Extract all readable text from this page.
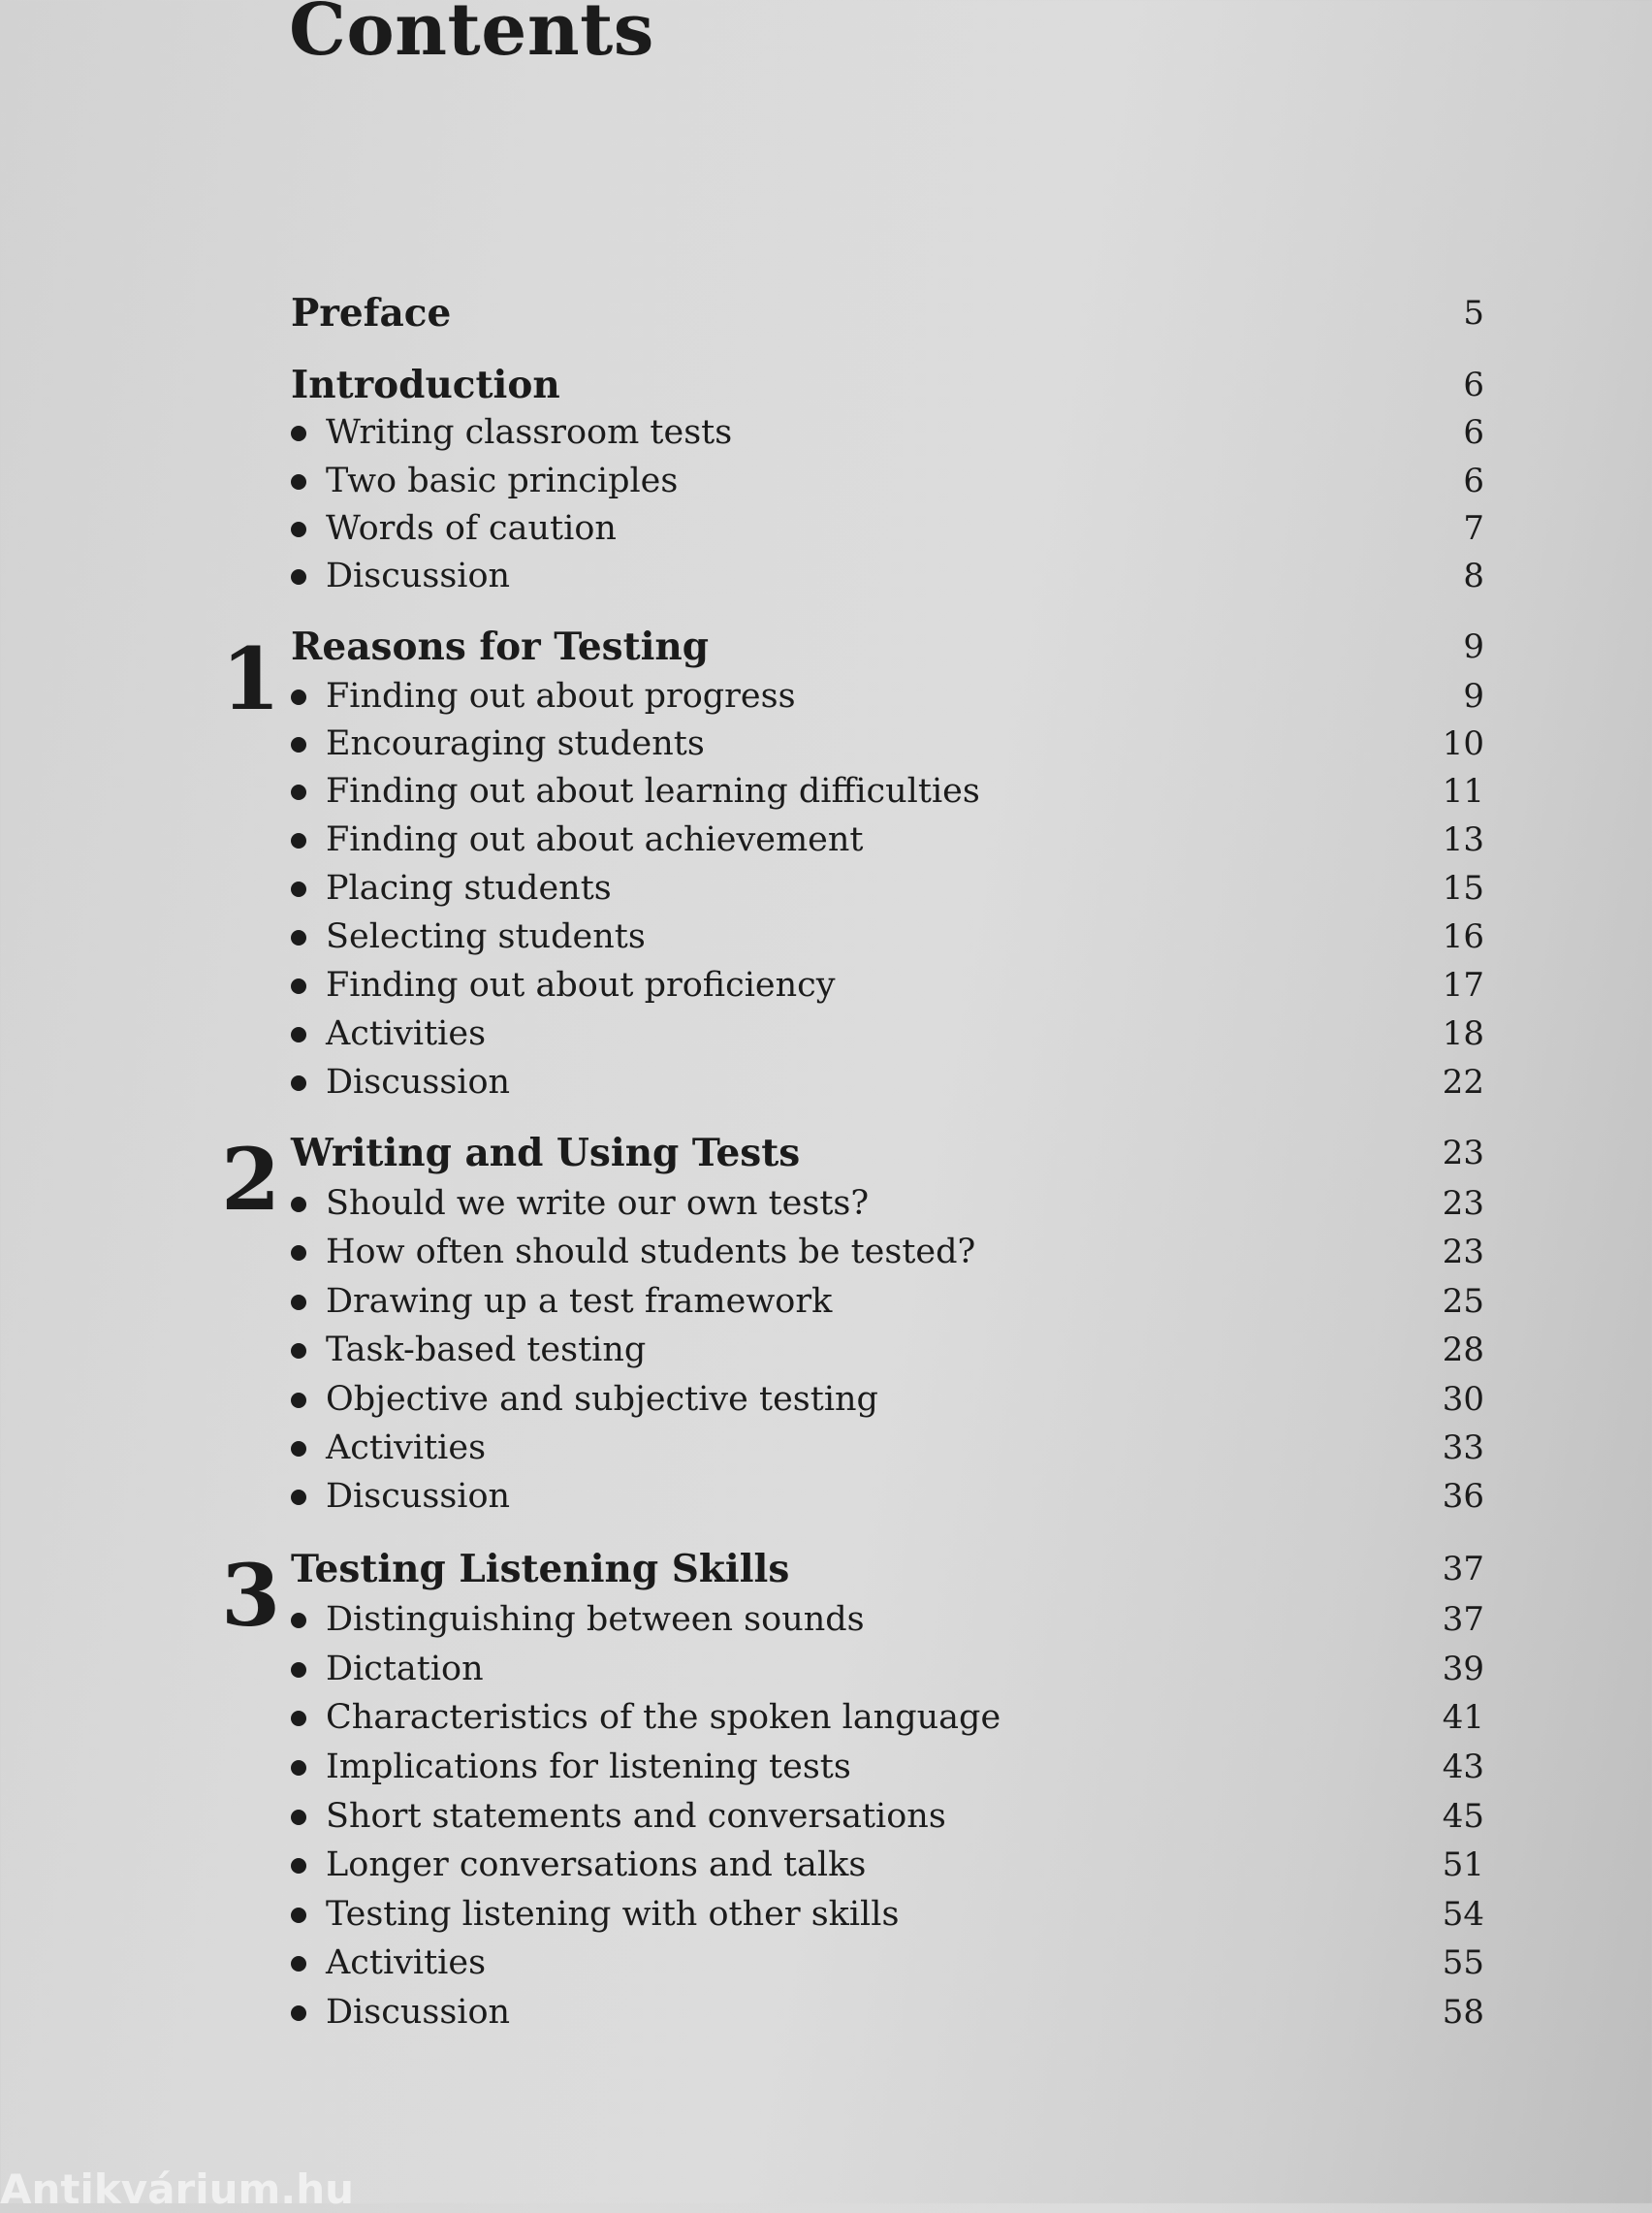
Contents
Preface	5
Introduction	6
Writing classroom tests	6
Two basic principles	6
Words of caution	7
Discussion	8
1 Reasons for Testing	9
Finding out about progress	9
Encouraging students	10
Finding out about learning difficulties	11
Finding out about achievement	13
Placing students	15
Selecting students	16
Finding out about proficiency	17
Activities	18
Discussion	22
2 Writing and Using Tests	23
Should we write our own tests?	23
How often should students be tested?	23
Drawing up a test framework	25
Task-based testing	28
Objective and subjective testing	30
Activities	33
Discussion	36
3 Testing Listening Skills	37
Distinguishing between sounds	37
Dictation	39
Characteristics of the spoken language	41
Implications for listening tests	43
Short statements and conversations	45
Longer conversations and talks	51
Testing listening with other skills	54
Activities	55
Discussion	58
Antikvárium.hu
